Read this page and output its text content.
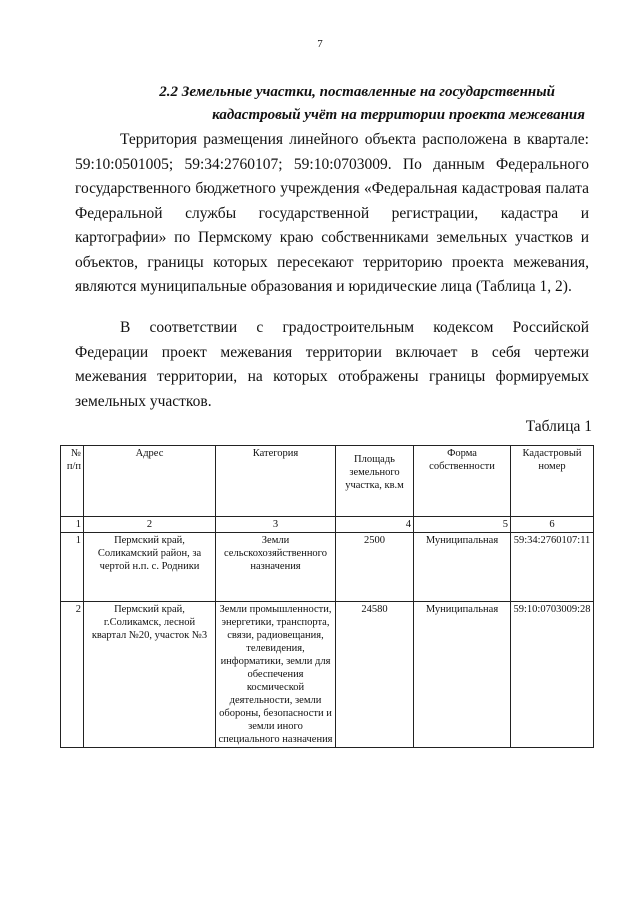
7
2.2 Земельные участки, поставленные на государственный
кадастровый учёт на территории проекта межевания

Территория размещения линейного объекта расположена в квартале: 59:10:0501005; 59:34:2760107; 59:10:0703009. По данным Федерального государственного бюджетного учреждения «Федеральная кадастровая палата Федеральной службы государственной регистрации, кадастра и картографии» по Пермскому краю собственниками земельных участков и объектов, границы которых пересекают территорию проекта межевания, являются муниципальные образования и юридические лица (Таблица 1, 2).

В соответствии с градостроительным кодексом Российской Федерации проект межевания территории включает в себя чертежи межевания территории, на которых отображены границы формируемых земельных участков.

Таблица 1
№ п/п	Адрес	Категория	Площадь земельного участка, кв.м	Форма собственности	Кадастровый номер
1	2	3	4	5	6
1	Пермский край, Соликамский район, за чертой н.п. с. Родники	Земли сельскохозяйственного назначения	2500	Муниципальная	59:34:2760107:11
2	Пермский край, г.Соликамск, лесной квартал №20, участок №3	Земли промышленности, энергетики, транспорта, связи, радиовещания, телевидения, информатики, земли для обеспечения космической деятельности, земли обороны, безопасности и земли иного специального назначения	24580	Муниципальная	59:10:0703009:28
